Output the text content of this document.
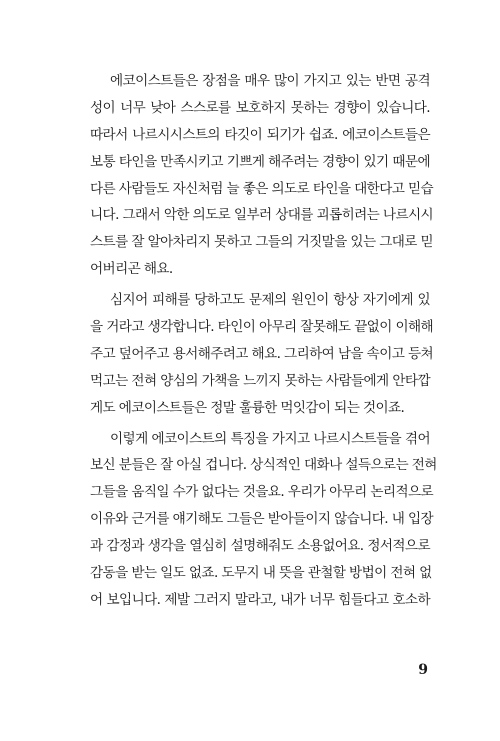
에코이스트들은 장점을 매우 많이 가지고 있는 반면 공격
성이 너무 낮아 스스로를 보호하지 못하는 경향이 있습니다.
따라서 나르시시스트의 타깃이 되기가 쉽죠. 에코이스트들은
보통 타인을 만족시키고 기쁘게 해주려는 경향이 있기 때문에
다른 사람들도 자신처럼 늘 좋은 의도로 타인을 대한다고 믿습
니다. 그래서 악한 의도로 일부러 상대를 괴롭히려는 나르시시
스트를 잘 알아차리지 못하고 그들의 거짓말을 있는 그대로 믿
어버리곤 해요.
심지어 피해를 당하고도 문제의 원인이 항상 자기에게 있
을 거라고 생각합니다. 타인이 아무리 잘못해도 끝없이 이해해
주고 덮어주고 용서해주려고 해요. 그리하여 남을 속이고 등쳐
먹고는 전혀 양심의 가책을 느끼지 못하는 사람들에게 안타깝
게도 에코이스트들은 정말 훌륭한 먹잇감이 되는 것이죠.
이렇게 에코이스트의 특징을 가지고 나르시스트들을 겪어
보신 분들은 잘 아실 겁니다. 상식적인 대화나 설득으로는 전혀
그들을 움직일 수가 없다는 것을요. 우리가 아무리 논리적으로
이유와 근거를 얘기해도 그들은 받아들이지 않습니다. 내 입장
과 감정과 생각을 열심히 설명해줘도 소용없어요. 정서적으로
감동을 받는 일도 없죠. 도무지 내 뜻을 관철할 방법이 전혀 없
어 보입니다. 제발 그러지 말라고, 내가 너무 힘들다고 호소하
9
